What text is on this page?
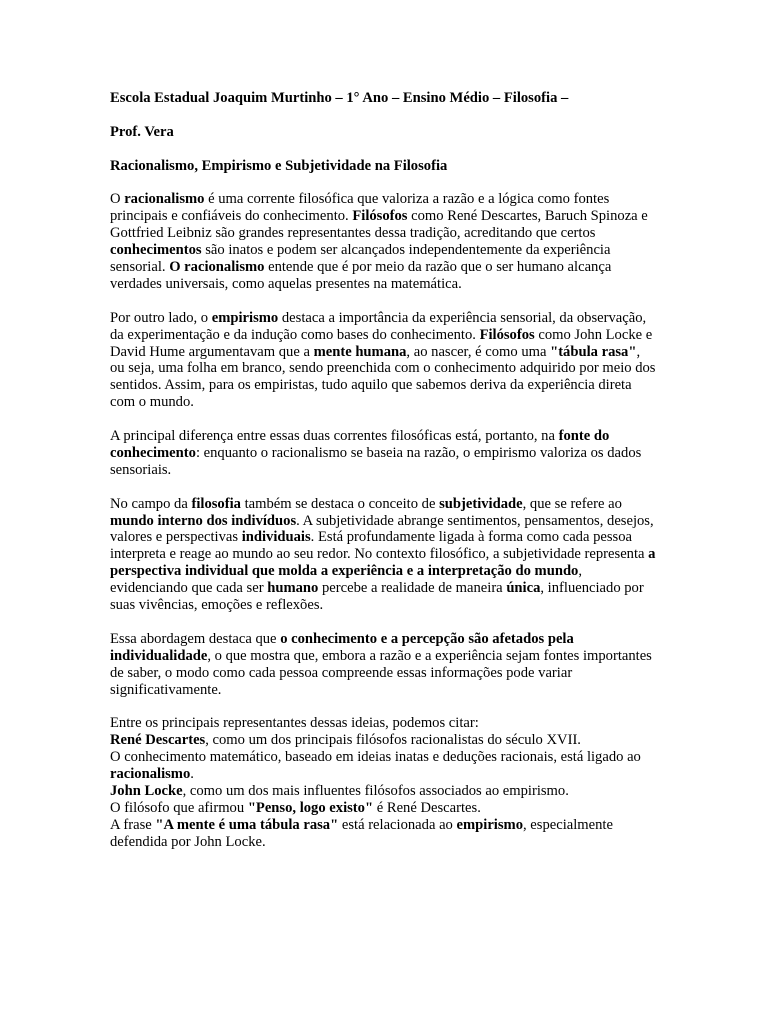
Escola Estadual Joaquim Murtinho – 1° Ano – Ensino Médio – Filosofia –

Prof. Vera

Racionalismo, Empirismo e Subjetividade na Filosofia

O racionalismo é uma corrente filosófica que valoriza a razão e a lógica como fontes principais e confiáveis do conhecimento. Filósofos como René Descartes, Baruch Spinoza e Gottfried Leibniz são grandes representantes dessa tradição, acreditando que certos conhecimentos são inatos e podem ser alcançados independentemente da experiência sensorial. O racionalismo entende que é por meio da razão que o ser humano alcança verdades universais, como aquelas presentes na matemática.

Por outro lado, o empirismo destaca a importância da experiência sensorial, da observação, da experimentação e da indução como bases do conhecimento. Filósofos como John Locke e David Hume argumentavam que a mente humana, ao nascer, é como uma "tábula rasa", ou seja, uma folha em branco, sendo preenchida com o conhecimento adquirido por meio dos sentidos. Assim, para os empiristas, tudo aquilo que sabemos deriva da experiência direta com o mundo.

A principal diferença entre essas duas correntes filosóficas está, portanto, na fonte do conhecimento: enquanto o racionalismo se baseia na razão, o empirismo valoriza os dados sensoriais.

No campo da filosofia também se destaca o conceito de subjetividade, que se refere ao mundo interno dos indivíduos. A subjetividade abrange sentimentos, pensamentos, desejos, valores e perspectivas individuais. Está profundamente ligada à forma como cada pessoa interpreta e reage ao mundo ao seu redor. No contexto filosófico, a subjetividade representa a perspectiva individual que molda a experiência e a interpretação do mundo, evidenciando que cada ser humano percebe a realidade de maneira única, influenciado por suas vivências, emoções e reflexões.

Essa abordagem destaca que o conhecimento e a percepção são afetados pela individualidade, o que mostra que, embora a razão e a experiência sejam fontes importantes de saber, o modo como cada pessoa compreende essas informações pode variar significativamente.

Entre os principais representantes dessas ideias, podemos citar:

René Descartes, como um dos principais filósofos racionalistas do século XVII.

O conhecimento matemático, baseado em ideias inatas e deduções racionais, está ligado ao racionalismo.

John Locke, como um dos mais influentes filósofos associados ao empirismo.

O filósofo que afirmou "Penso, logo existo" é René Descartes.

A frase "A mente é uma tábula rasa" está relacionada ao empirismo, especialmente defendida por John Locke.
